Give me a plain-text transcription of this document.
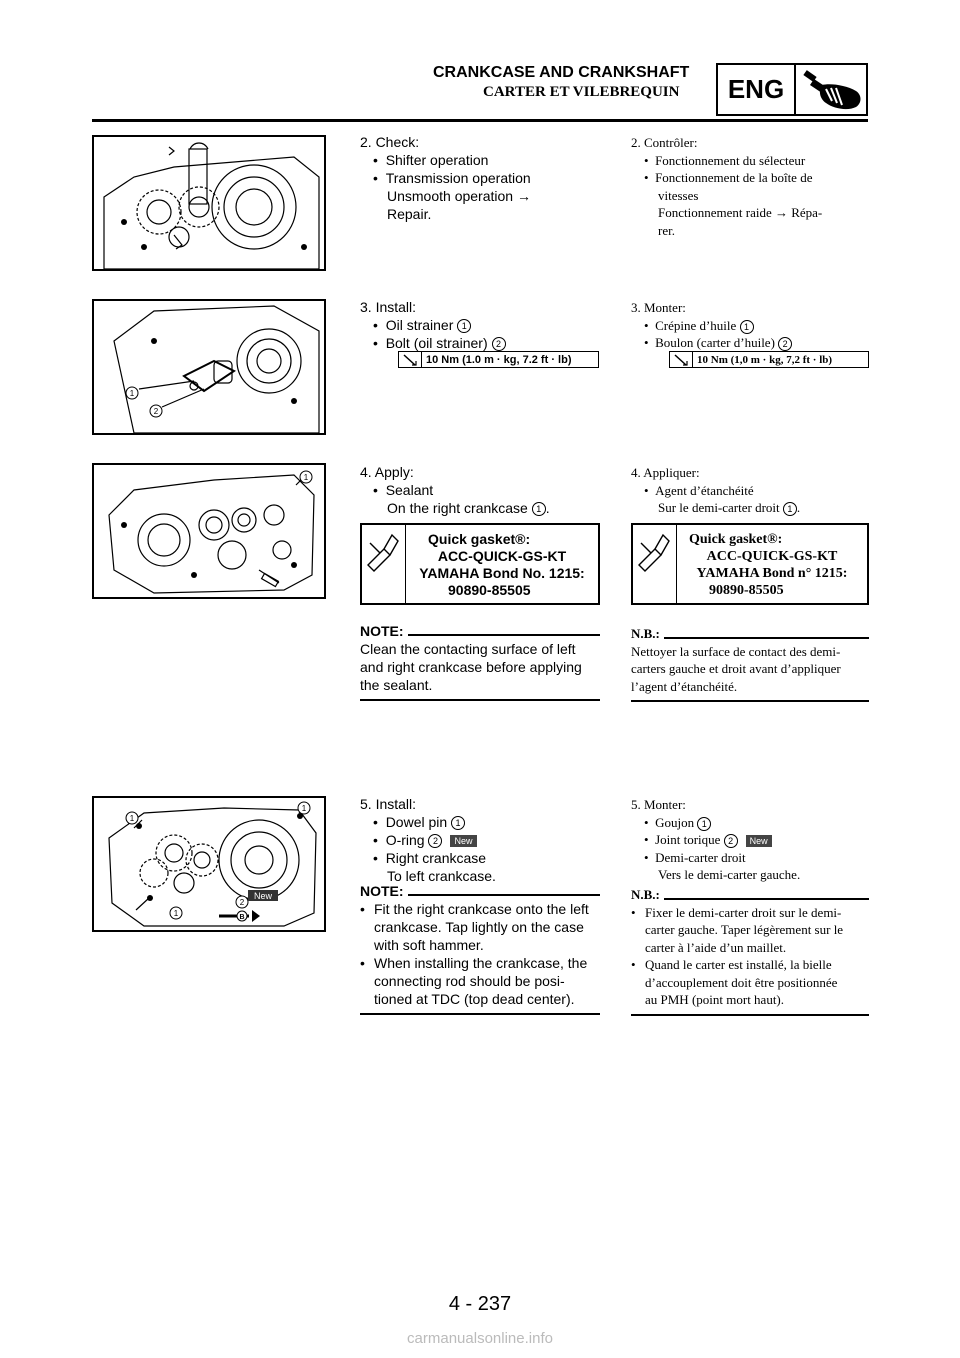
CRANKCASE AND CRANKSHAFT
CARTER ET VILEBREQUIN	ENG
2. Check:
•  Shifter operation
•  Transmission operation
Unsmooth operation →
Repair.
2. Contrôler:
•  Fonctionnement du sélecteur
•  Fonctionnement de la boîte de
vitesses
Fonctionnement raide → Répa-
rer.
1
2
3. Install:
•  Oil strainer 1
•  Bolt (oil strainer) 2
10 Nm (1.0 m · kg, 7.2 ft · lb)
3. Monter:
•  Crépine d’huile 1
•  Boulon (carter d’huile) 2
10 Nm (1,0 m · kg, 7,2 ft · lb)
1	4. Apply:
•  Sealant
On the right crankcase 1 .
Quick gasket®:
ACC-QUICK-GS-KT
YAMAHA Bond No. 1215:
90890-85505
NOTE:
Clean the contacting surface of left
and right crankcase before applying
the sealant.
4. Appliquer:
•  Agent d’étanchéité
Sur le demi-carter droit 1 .
Quick gasket®:
ACC-QUICK-GS-KT
YAMAHA Bond n° 1215:
90890-85505
N.B.:
Nettoyer la surface de contact des demi-
carters gauche et droit avant d’appliquer
l’agent d’étanchéité.
1
1
1
2
New
B
5. Install:
•  Dowel pin 1
•  O-ring 2 New
•  Right crankcase
To left crankcase.
NOTE:
• Fit the right crankcase onto the left
crankcase. Tap lightly on the case
with soft hammer.
• When installing the crankcase, the
connecting rod should be posi-
tioned at TDC (top dead center).
5. Monter:
•  Goujon 1
•  Joint torique 2 New
•  Demi-carter droit
Vers le demi-carter gauche.
N.B.:
• Fixer le demi-carter droit sur le demi-
carter gauche. Taper légèrement sur le
carter à l’aide d’un maillet.
• Quand le carter est installé, la bielle
d’accouplement doit être positionnée
au PMH (point mort haut).
4 - 237
carmanualsonline.info
